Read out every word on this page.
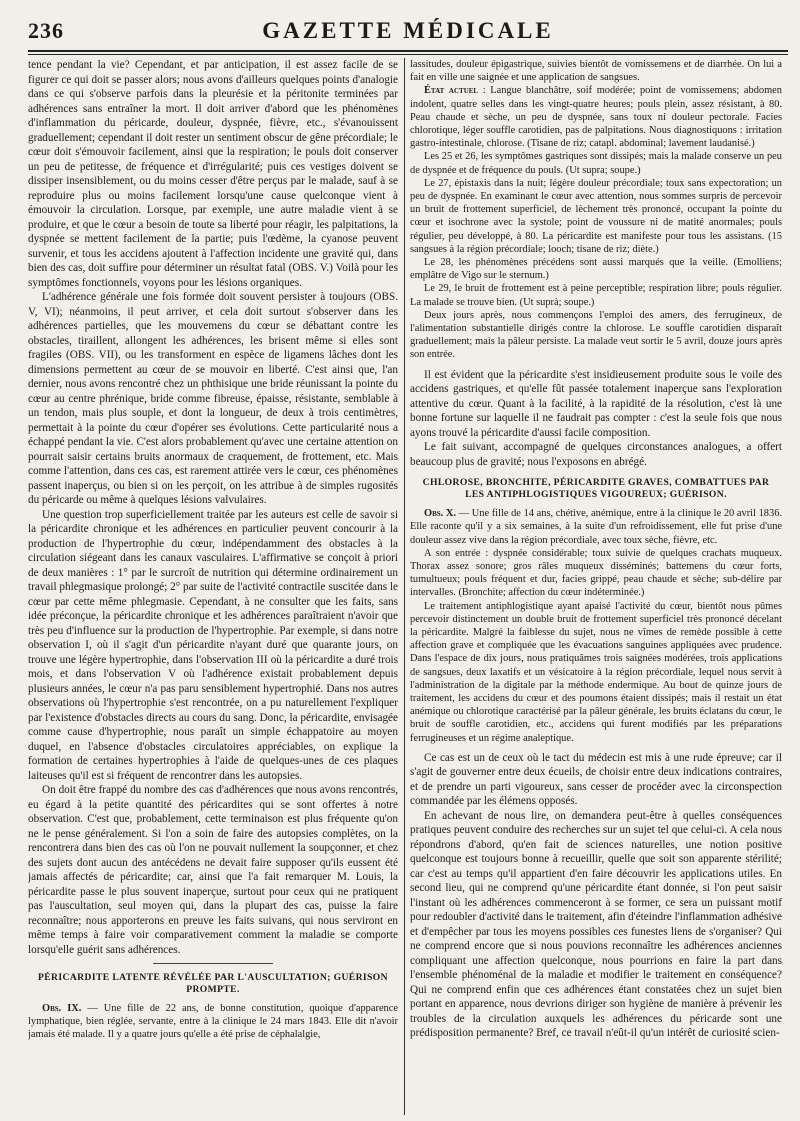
236	GAZETTE MÉDICALE

tence pendant la vie? Cependant, et par anticipation, il est assez facile de se figurer ce qui doit se passer alors; nous avons d'ailleurs quelques points d'analogie dans ce qui s'observe parfois dans la pleurésie et la péritonite terminées par adhérences sans entraîner la mort. Il doit arriver d'abord que les phénomènes d'inflammation du péricarde, douleur, dyspnée, fièvre, etc., s'évanouissent graduellement; cependant il doit rester un sentiment obscur de gêne précordiale; le cœur doit s'émouvoir facilement, ainsi que la respiration; le pouls doit conserver un peu de petitesse, de fréquence et d'irrégularité; puis ces vestiges doivent se dissiper insensiblement, ou du moins cesser d'être perçus par le malade, sauf à se reproduire plus ou moins facilement lorsqu'une cause quelconque vient à émouvoir la circulation. Lorsque, par exemple, une autre maladie vient à se produire, et que le cœur a besoin de toute sa liberté pour réagir, les palpitations, la dyspnée se mettent facilement de la partie; puis l'œdème, la cyanose peuvent survenir, et tous les accidens ajoutent à l'affection incidente une gravité qui, dans bien des cas, doit suffire pour déterminer un résultat fatal (OBS. V.) Voilà pour les symptômes fonctionnels, voyons pour les lésions organiques.

L'adhérence générale une fois formée doit souvent persister à toujours (OBS. V, VI); néanmoins, il peut arriver, et cela doit surtout s'observer dans les adhérences partielles, que les mouvemens du cœur se débattant contre les obstacles, tiraillent, allongent les adhérences, les brisent même si elles sont fragiles (OBS. VII), ou les transforment en espèce de ligamens lâches dont les dimensions permettent au cœur de se mouvoir en liberté. C'est ainsi que, l'an dernier, nous avons rencontré chez un phthisique une bride réunissant la pointe du cœur au centre phrénique, bride comme fibreuse, épaisse, résistante, semblable à un tendon, mais plus souple, et dont la longueur, de deux à trois centimètres, permettait à la pointe du cœur d'opérer ses évolutions. Cette particularité nous a échappé pendant la vie. C'est alors probablement qu'avec une certaine attention on pourrait saisir certains bruits anormaux de craquement, de frottement, etc. Mais comme l'attention, dans ces cas, est rarement attirée vers le cœur, ces phénomènes passent inaperçus, ou bien si on les perçoit, on les attribue à de simples rugosités du péricarde ou même à quelques lésions valvulaires.

Une question trop superficiellement traitée par les auteurs est celle de savoir si la péricardite chronique et les adhérences en particulier peuvent concourir à la production de l'hypertrophie du cœur, indépendamment des obstacles à la circulation siégeant dans les canaux vasculaires. L'affirmative se conçoit à priori de deux manières : 1° par le surcroît de nutrition qui détermine ordinairement un travail phlegmasique prolongé; 2° par suite de l'activité contractile suscitée dans le cœur par cette même phlegmasie. Cependant, à ne consulter que les faits, sans idée préconçue, la péricardite chronique et les adhérences paraîtraient n'avoir que très peu d'influence sur la production de l'hypertrophie. Par exemple, si dans notre observation I, où il s'agit d'un péricardite n'ayant duré que quarante jours, on trouve une légère hypertrophie, dans l'observation III où la péricardite a duré trois mois, et dans l'observation V où l'adhérence existait probablement depuis plusieurs années, le cœur n'a pas paru sensiblement hypertrophié. Dans nos autres observations où l'hypertrophie s'est rencontrée, on a pu naturellement l'expliquer par l'existence d'obstacles directs au cours du sang. Donc, la péricardite, envisagée comme cause d'hypertrophie, nous paraît un simple échappatoire au moyen duquel, en l'absence d'obstacles circulatoires appréciables, on explique la formation de certaines hypertrophies à l'aide de quelques-unes de ces plaques laiteuses qu'il est si fréquent de rencontrer dans les autopsies.

On doit être frappé du nombre des cas d'adhérences que nous avons rencontrés, eu égard à la petite quantité des péricardites qui se sont offertes à notre observation. C'est que, probablement, cette terminaison est plus fréquente qu'on ne le pense généralement. Si l'on a soin de faire des autopsies complètes, on la rencontrera dans bien des cas où l'on ne pouvait nullement la soupçonner, et chez des sujets dont aucun des antécédens ne devait faire supposer qu'ils eussent été jamais affectés de péricardite; car, ainsi que l'a fait remarquer M. Louis, la péricardite passe le plus souvent inaperçue, surtout pour ceux qui ne pratiquent pas l'auscultation, seul moyen qui, dans la plupart des cas, puisse la faire reconnaître; nous apporterons en preuve les faits suivans, qui nous serviront en même temps à faire voir comparativement comment la maladie se comporte lorsqu'elle guérit sans adhérences.

PÉRICARDITE LATENTE RÉVÉLÉE PAR L'AUSCULTATION; GUÉRISON PROMPTE.

Obs. IX. — Une fille de 22 ans, de bonne constitution, quoique d'apparence lymphatique, bien réglée, servante, entre à la clinique le 24 mars 1843. Elle dit n'avoir jamais été malade. Il y a quatre jours qu'elle a été prise de céphalalgie,

lassitudes, douleur épigastrique, suivies bientôt de vomissemens et de diarrhée. On lui a fait en ville une saignée et une application de sangsues.

État actuel : Langue blanchâtre, soif modérée; point de vomissemens; abdomen indolent, quatre selles dans les vingt-quatre heures; pouls plein, assez résistant, à 80. Peau chaude et sèche, un peu de dyspnée, sans toux ni douleur pectorale. Facies chlorotique, léger souffle carotidien, pas de palpitations. Nous diagnostiquons : irritation gastro-intestinale, chlorose. (Tisane de riz; catapl. abdominal; lavement laudanisé.)

Les 25 et 26, les symptômes gastriques sont dissipés; mais la malade conserve un peu de dyspnée et de fréquence du pouls. (Ut supra; soupe.)

Le 27, épistaxis dans la nuit; légère douleur précordiale; toux sans expectoration; un peu de dyspnée. En examinant le cœur avec attention, nous sommes surpris de percevoir un bruit de frottement superficiel, de lèchement très prononcé, occupant la pointe du cœur et isochrone avec la systole; point de voussure ni de matité anormales; pouls régulier, peu développé, à 80. La péricardite est manifeste pour tous les assistans. (15 sangsues à la région précordiale; looch; tisane de riz; diète.)

Le 28, les phénomènes précédens sont aussi marqués que la veille. (Emolliens; emplâtre de Vigo sur le sternum.)

Le 29, le bruit de frottement est à peine perceptible; respiration libre; pouls régulier. La malade se trouve bien. (Ut suprà; soupe.)

Deux jours après, nous commençons l'emploi des amers, des ferrugineux, de l'alimentation substantielle dirigés contre la chlorose. Le souffle carotidien disparaît graduellement; mais la pâleur persiste. La malade veut sortir le 5 avril, douze jours après son entrée.

Il est évident que la péricardite s'est insidieusement produite sous le voile des accidens gastriques, et qu'elle fût passée totalement inaperçue sans l'exploration attentive du cœur. Quant à la facilité, à la rapidité de la résolution, c'est là une bonne fortune sur laquelle il ne faudrait pas compter : c'est la seule fois que nous ayons trouvé la péricardite d'aussi facile composition.

Le fait suivant, accompagné de quelques circonstances analogues, a offert beaucoup plus de gravité; nous l'exposons en abrégé.

CHLOROSE, BRONCHITE, PÉRICARDITE GRAVES, COMBATTUES PAR LES ANTIPHLOGISTIQUES VIGOUREUX; GUÉRISON.

Obs. X. — Une fille de 14 ans, chétive, anémique, entre à la clinique le 20 avril 1836. Elle raconte qu'il y a six semaines, à la suite d'un refroidissement, elle fut prise d'une douleur assez vive dans la région précordiale, avec toux sèche, fièvre, etc.

A son entrée : dyspnée considérable; toux suivie de quelques crachats muqueux. Thorax assez sonore; gros râles muqueux disséminés; battemens du cœur forts, tumultueux; pouls fréquent et dur, facies grippé, peau chaude et sèche; sub-délire par intervalles. (Bronchite; affection du cœur indéterminée.)

Le traitement antiphlogistique ayant apaisé l'activité du cœur, bientôt nous pûmes percevoir distinctement un double bruit de frottement superficiel très prononcé décelant la péricardite. Malgré la faiblesse du sujet, nous ne vîmes de remède possible à cette affection grave et compliquée que les évacuations sanguines appliquées avec prudence. Dans l'espace de dix jours, nous pratiquâmes trois saignées modérées, trois applications de sangsues, deux laxatifs et un vésicatoire à la région précordiale, lequel nous servit à l'administration de la digitale par la méthode endermique. Au bout de quinze jours de traitement, les accidens du cœur et des poumons étaient dissipés; mais il restait un état anémique ou chlorotique caractérisé par la pâleur générale, les bruits éclatans du cœur, le bruit de souffle carotidien, etc., accidens qui furent modifiés par les préparations ferrugineuses et un régime analeptique.

Ce cas est un de ceux où le tact du médecin est mis à une rude épreuve; car il s'agit de gouverner entre deux écueils, de choisir entre deux indications contraires, et de prendre un parti vigoureux, sans cesser de procéder avec la circonspection commandée par les élémens opposés.

En achevant de nous lire, on demandera peut-être à quelles conséquences pratiques peuvent conduire des recherches sur un sujet tel que celui-ci. A cela nous répondrons d'abord, qu'en fait de sciences naturelles, une notion positive quelconque est toujours bonne à recueillir, quelle que soit son apparente stérilité; car c'est au temps qu'il appartient d'en faire découvrir les applications utiles. En second lieu, qui ne comprend qu'une péricardite étant donnée, si l'on peut saisir l'instant où les adhérences commenceront à se former, ce sera un puissant motif pour redoubler d'activité dans le traitement, afin d'éteindre l'inflammation adhésive et d'empêcher par tous les moyens possibles ces funestes liens de s'organiser? Qui ne comprend encore que si nous pouvions reconnaître les adhérences anciennes compliquant une affection quelconque, nous pourrions en faire la part dans l'ensemble phénoménal de la maladie et modifier le traitement en conséquence? Qui ne comprend enfin que ces adhérences étant constatées chez un sujet bien portant en apparence, nous devrions diriger son hygiène de manière à prévenir les troubles de la circulation auxquels les adhérences du péricarde sont une prédisposition permanente? Bref, ce travail n'eût-il qu'un intérêt de curiosité scien-
